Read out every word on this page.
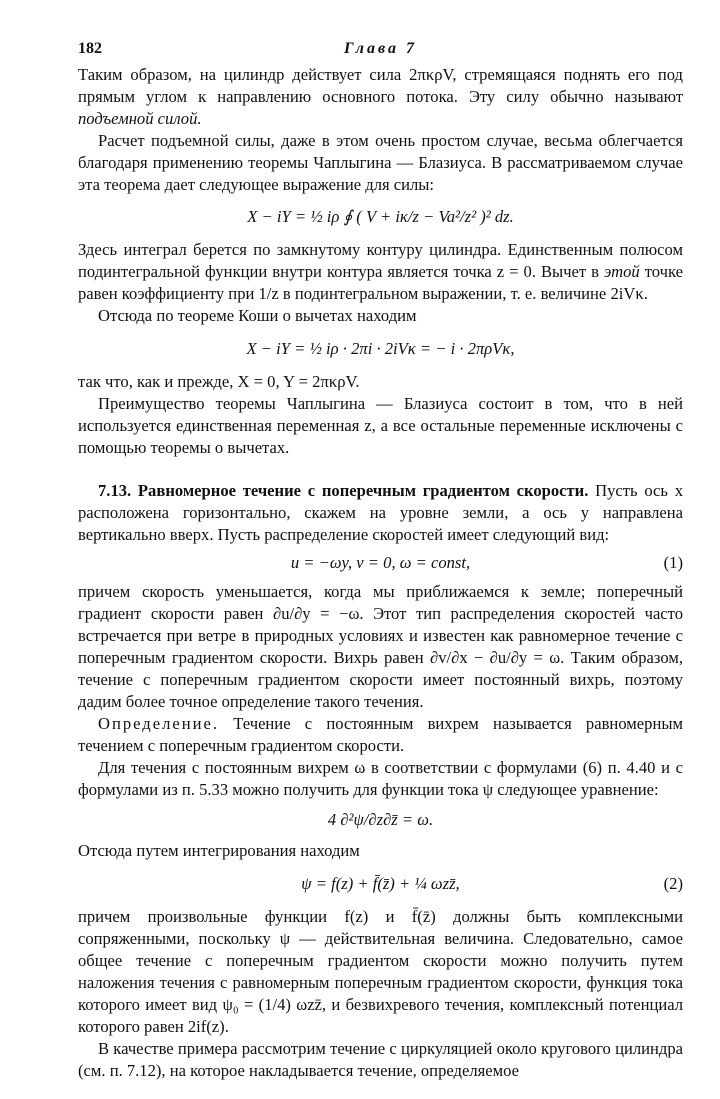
182	Глава 7

Таким образом, на цилиндр действует сила 2πκρV, стремящаяся поднять его под прямым углом к направлению основного потока. Эту силу обычно называют подъемной силой.

Расчет подъемной силы, даже в этом очень простом случае, весьма облегчается благодаря применению теоремы Чаплыгина — Блазиуса. В рассматриваемом случае эта теорема дает следующее выражение для силы:

X − iY = ½ iρ ∮ ( V + iκ/z − Va²/z² )² dz.

Здесь интеграл берется по замкнутому контуру цилиндра. Единственным полюсом подинтегральной функции внутри контура является точка z = 0. Вычет в этой точке равен коэффициенту при 1/z в подинтегральном выражении, т. е. величине 2iVκ.

Отсюда по теореме Коши о вычетах находим

X − iY = ½ iρ · 2πi · 2iVκ = − i · 2πρVκ,

так что, как и прежде, X = 0, Y = 2πκρV.

Преимущество теоремы Чаплыгина — Блазиуса состоит в том, что в ней используется единственная переменная z, а все остальные переменные исключены с помощью теоремы о вычетах.

7.13. Равномерное течение с поперечным градиентом скорости. Пусть ось x расположена горизонтально, скажем на уровне земли, а ось y направлена вертикально вверх. Пусть распределение скоростей имеет следующий вид:

u = −ωy, v = 0, ω = const,	(1)

причем скорость уменьшается, когда мы приближаемся к земле; поперечный градиент скорости равен ∂u/∂y = −ω. Этот тип распределения скоростей часто встречается при ветре в природных условиях и известен как равномерное течение с поперечным градиентом скорости. Вихрь равен ∂v/∂x − ∂u/∂y = ω. Таким образом, течение с поперечным градиентом скорости имеет постоянный вихрь, поэтому дадим более точное определение такого течения.

Определение. Течение с постоянным вихрем называется равномерным течением с поперечным градиентом скорости.

Для течения с постоянным вихрем ω в соответствии с формулами (6) п. 4.40 и с формулами из п. 5.33 можно получить для функции тока ψ следующее уравнение:

4 ∂²ψ/∂z∂z̄ = ω.

Отсюда путем интегрирования находим

ψ = f(z) + f̄(z̄) + ¼ ωzz̄,	(2)

причем произвольные функции f(z) и f̄(z̄) должны быть комплексными сопряженными, поскольку ψ — действительная величина. Следовательно, самое общее течение с поперечным градиентом скорости можно получить путем наложения течения с равномерным поперечным градиентом скорости, функция тока которого имеет вид ψ₀ = (1/4) ωzz̄, и безвихревого течения, комплексный потенциал которого равен 2if(z).

В качестве примера рассмотрим течение с циркуляцией около кругового цилиндра (см. п. 7.12), на которое накладывается течение, определяемое
